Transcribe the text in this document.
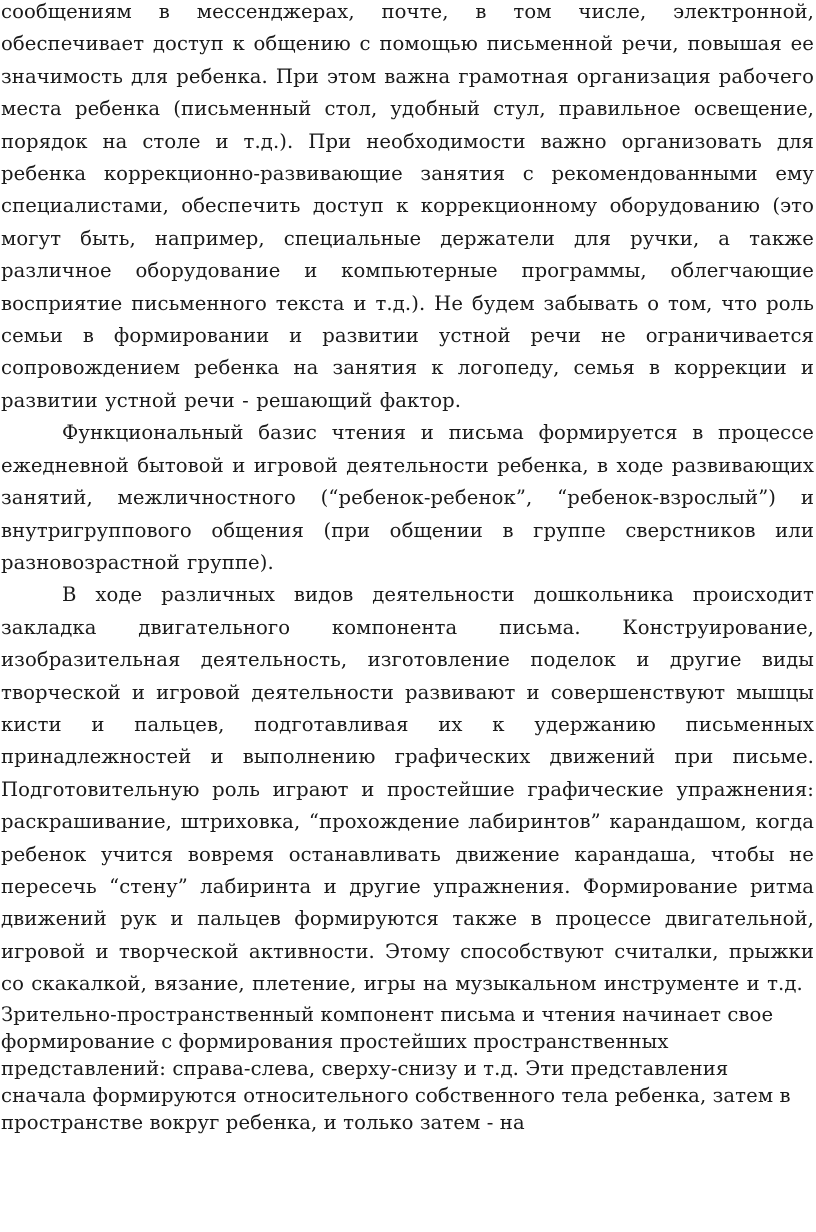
сообщениям в мессенджерах, почте, в том числе, электронной, обеспечивает доступ к общению с помощью письменной речи, повышая ее значимость для ребенка. При этом важна грамотная организация рабочего места ребенка (письменный стол, удобный стул, правильное освещение, порядок на столе и т.д.). При необходимости важно организовать для ребенка коррекционно-развивающие занятия с рекомендованными ему специалистами, обеспечить доступ к коррекционному оборудованию (это могут быть, например, специальные держатели для ручки, а также различное оборудование и компьютерные программы, облегчающие восприятие письменного текста и т.д.). Не будем забывать о том, что роль семьи в формировании и развитии устной речи не ограничивается сопровождением ребенка на занятия к логопеду, семья в коррекции и развитии устной речи - решающий фактор.

Функциональный базис чтения и письма формируется в процессе ежедневной бытовой и игровой деятельности ребенка, в ходе развивающих занятий, межличностного (“ребенок-ребенок”, “ребенок-взрослый”) и внутригруппового общения (при общении в группе сверстников или разновозрастной группе).

В ходе различных видов деятельности дошкольника происходит закладка двигательного компонента письма. Конструирование, изобразительная деятельность, изготовление поделок и другие виды творческой и игровой деятельности развивают и совершенствуют мышцы кисти и пальцев, подготавливая их к удержанию письменных принадлежностей и выполнению графических движений при письме. Подготовительную роль играют и простейшие графические упражнения: раскрашивание, штриховка, “прохождение лабиринтов” карандашом, когда ребенок учится вовремя останавливать движение карандаша, чтобы не пересечь “стену” лабиринта и другие упражнения. Формирование ритма движений рук и пальцев формируются также в процессе двигательной, игровой и творческой активности. Этому способствуют считалки, прыжки со скакалкой, вязание, плетение, игры на музыкальном инструменте и т.д.

Зрительно-пространственный компонент письма и чтения начинает свое формирование с формирования простейших пространственных представлений: справа-слева, сверху-снизу и т.д. Эти представления сначала формируются относительного собственного тела ребенка, затем в пространстве вокруг ребенка, и только затем - на
